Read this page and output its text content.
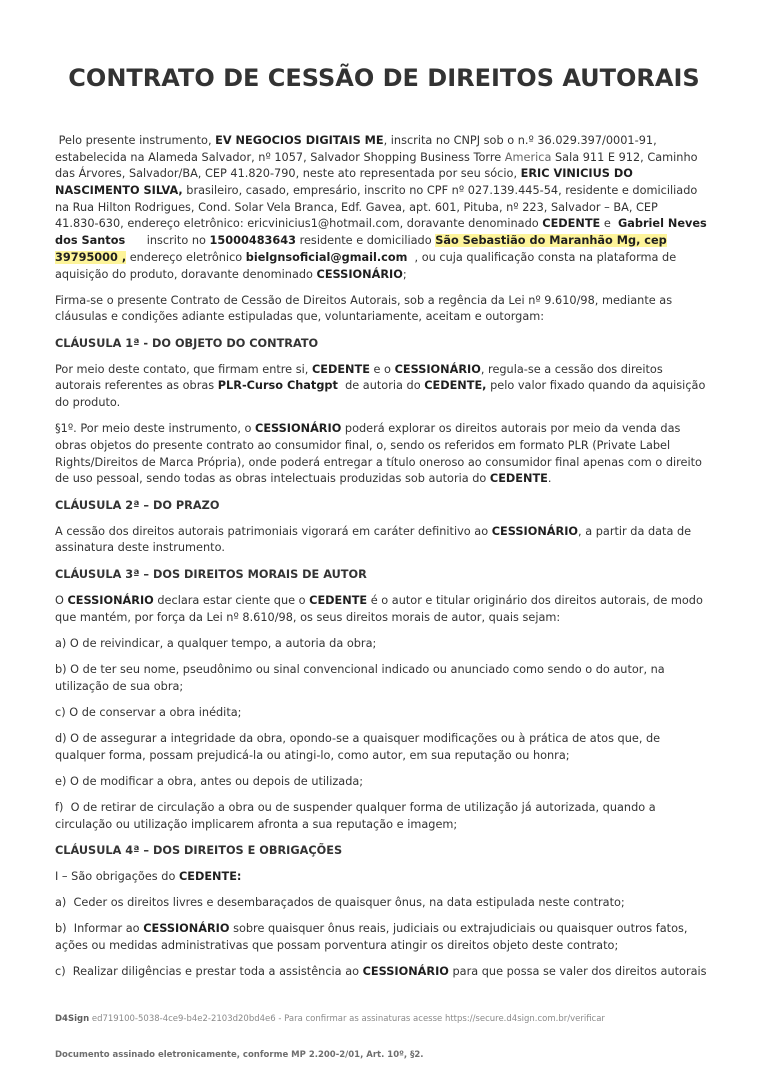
CONTRATO DE CESSÃO DE DIREITOS AUTORAIS
Pelo presente instrumento, EV NEGOCIOS DIGITAIS ME, inscrita no CNPJ sob o n.º 36.029.397/0001-91,
estabelecida na Alameda Salvador, nº 1057, Salvador Shopping Business Torre America Sala 911 E 912, Caminho
das Árvores, Salvador/BA, CEP 41.820-790, neste ato representada por seu sócio, ERIC VINICIUS DO
NASCIMENTO SILVA, brasileiro, casado, empresário, inscrito no CPF nº 027.139.445-54, residente e domiciliado
na Rua Hilton Rodrigues, Cond. Solar Vela Branca, Edf. Gavea, apt. 601, Pituba, nº 223, Salvador – BA, CEP
41.830-630, endereço eletrônico: ericvinicius1@hotmail.com, doravante denominado CEDENTE e  Gabriel Neves
dos Santos      inscrito no 15000483643 residente e domiciliado São Sebastião do Maranhão Mg, cep
39795000 , endereço eletrônico bielgnsoficial@gmail.com  , ou cuja qualificação consta na plataforma de
aquisição do produto, doravante denominado CESSIONÁRIO;
Firma-se o presente Contrato de Cessão de Direitos Autorais, sob a regência da Lei nº 9.610/98, mediante as
cláusulas e condições adiante estipuladas que, voluntariamente, aceitam e outorgam:
CLÁUSULA 1ª - DO OBJETO DO CONTRATO
Por meio deste contato, que firmam entre si, CEDENTE e o CESSIONÁRIO, regula-se a cessão dos direitos
autorais referentes as obras PLR-Curso Chatgpt  de autoria do CEDENTE, pelo valor fixado quando da aquisição
do produto.
§1º. Por meio deste instrumento, o CESSIONÁRIO poderá explorar os direitos autorais por meio da venda das
obras objetos do presente contrato ao consumidor final, o, sendo os referidos em formato PLR (Private Label
Rights/Direitos de Marca Própria), onde poderá entregar a título oneroso ao consumidor final apenas com o direito
de uso pessoal, sendo todas as obras intelectuais produzidas sob autoria do CEDENTE.
CLÁUSULA 2ª – DO PRAZO
A cessão dos direitos autorais patrimoniais vigorará em caráter definitivo ao CESSIONÁRIO, a partir da data de
assinatura deste instrumento.
CLÁUSULA 3ª – DOS DIREITOS MORAIS DE AUTOR
O CESSIONÁRIO declara estar ciente que o CEDENTE é o autor e titular originário dos direitos autorais, de modo
que mantém, por força da Lei nº 8.610/98, os seus direitos morais de autor, quais sejam:
a) O de reivindicar, a qualquer tempo, a autoria da obra;
b) O de ter seu nome, pseudônimo ou sinal convencional indicado ou anunciado como sendo o do autor, na
utilização de sua obra;
c) O de conservar a obra inédita;
d) O de assegurar a integridade da obra, opondo-se a quaisquer modificações ou à prática de atos que, de
qualquer forma, possam prejudicá-la ou atingi-lo, como autor, em sua reputação ou honra;
e) O de modificar a obra, antes ou depois de utilizada;
f)  O de retirar de circulação a obra ou de suspender qualquer forma de utilização já autorizada, quando a
circulação ou utilização implicarem afronta a sua reputação e imagem;
CLÁUSULA 4ª – DOS DIREITOS E OBRIGAÇÕES
I – São obrigações do CEDENTE:
a)  Ceder os direitos livres e desembaraçados de quaisquer ônus, na data estipulada neste contrato;
b)  Informar ao CESSIONÁRIO sobre quaisquer ônus reais, judiciais ou extrajudiciais ou quaisquer outros fatos,
ações ou medidas administrativas que possam porventura atingir os direitos objeto deste contrato;
c)  Realizar diligências e prestar toda a assistência ao CESSIONÁRIO para que possa se valer dos direitos autorais

D4Sign ed719100-5038-4ce9-b4e2-2103d20bd4e6 - Para confirmar as assinaturas acesse https://secure.d4sign.com.br/verificar

Documento assinado eletronicamente, conforme MP 2.200-2/01, Art. 10º, §2.
